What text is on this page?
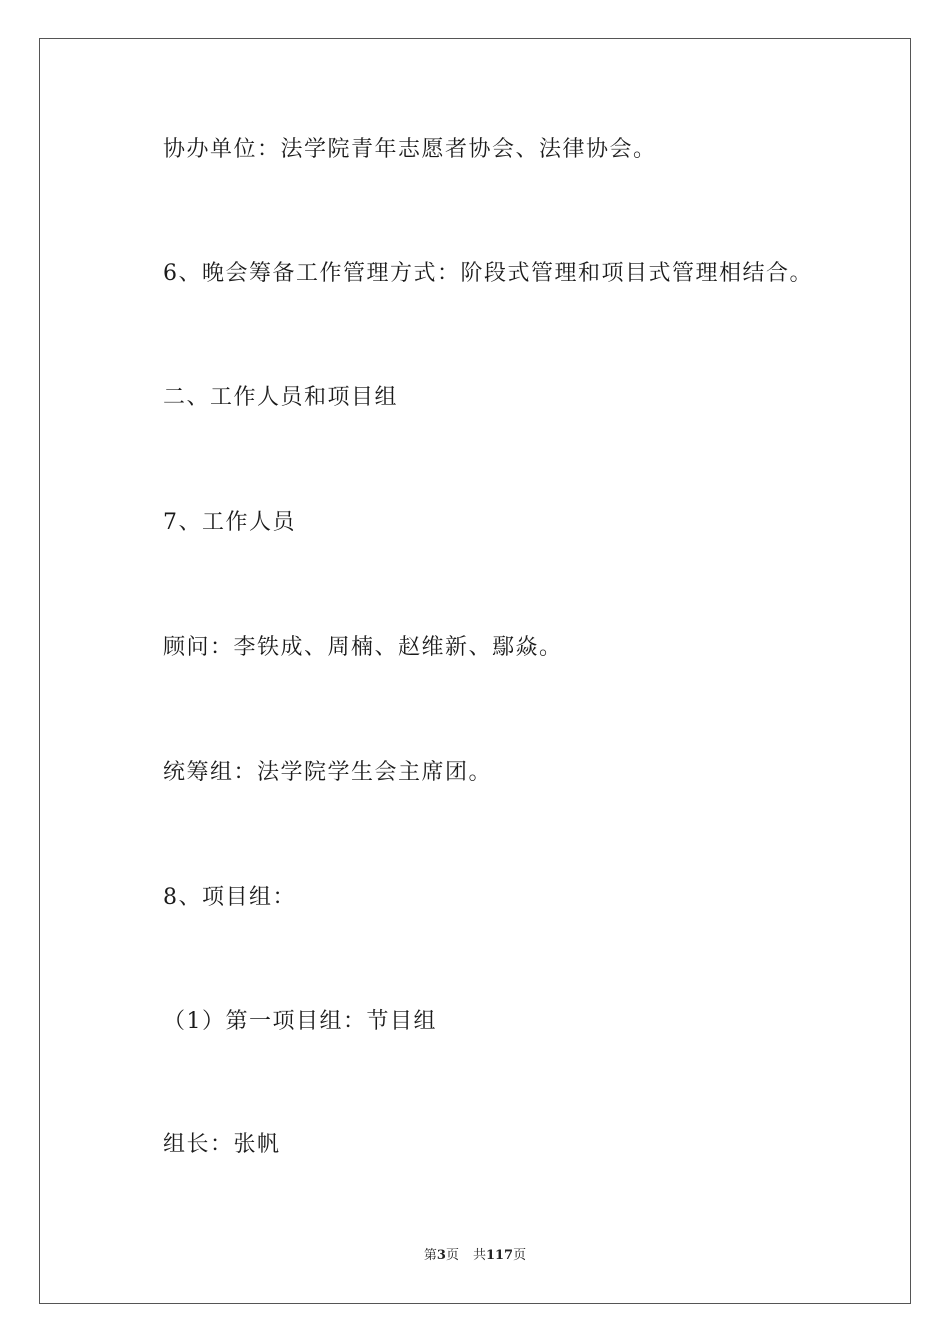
协办单位：法学院青年志愿者协会、法律协会。
6、晚会筹备工作管理方式：阶段式管理和项目式管理相结合。
二、工作人员和项目组
7、工作人员
顾问：李铁成、周楠、赵维新、鄢焱。
统筹组：法学院学生会主席团。
8、项目组：
（1）第一项目组：节目组
组长：张帆
第3页 共117页
